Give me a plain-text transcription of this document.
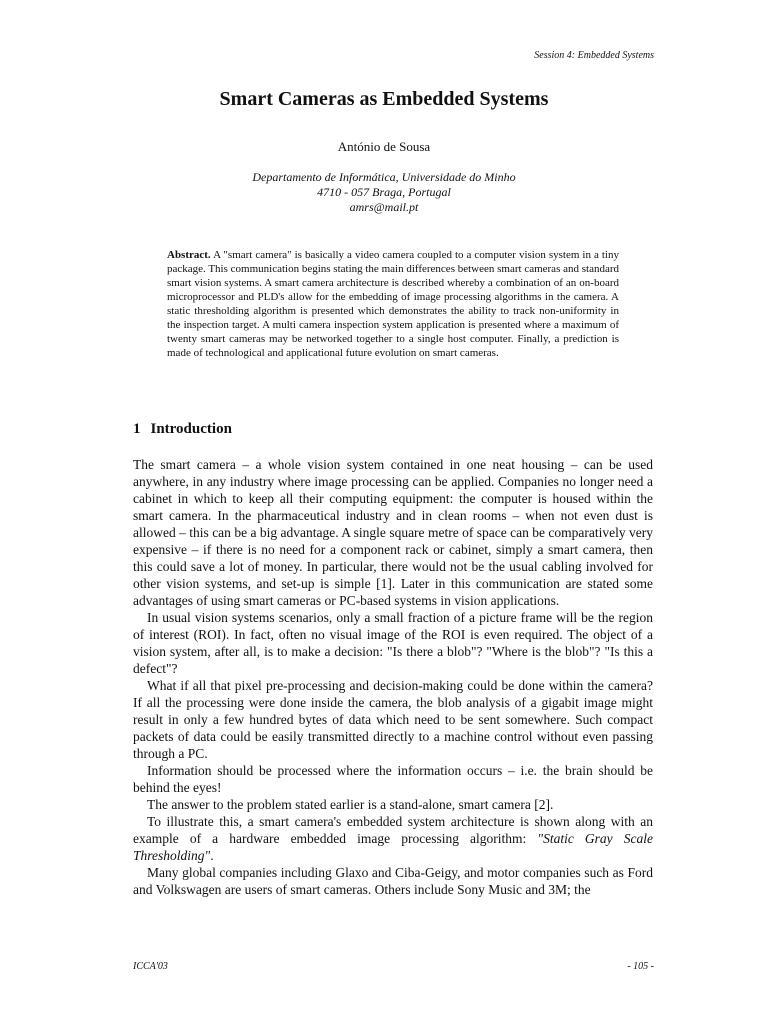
Session 4: Embedded Systems
Smart Cameras as Embedded Systems
António de Sousa
Departamento de Informática, Universidade do Minho
4710 - 057 Braga, Portugal
amrs@mail.pt
Abstract. A "smart camera" is basically a video camera coupled to a computer vision system in a tiny package. This communication begins stating the main differences between smart cameras and standard smart vision systems. A smart camera architecture is described whereby a combination of an on-board microprocessor and PLD's allow for the embedding of image processing algorithms in the camera. A static thresholding algorithm is presented which demonstrates the ability to track non-uniformity in the inspection target. A multi camera inspection system application is presented where a maximum of twenty smart cameras may be networked together to a single host computer. Finally, a prediction is made of technological and applicational future evolution on smart cameras.
1 Introduction

The smart camera – a whole vision system contained in one neat housing – can be used anywhere, in any industry where image processing can be applied. Companies no longer need a cabinet in which to keep all their computing equipment: the computer is housed within the smart camera. In the pharmaceutical industry and in clean rooms – when not even dust is allowed – this can be a big advantage. A single square metre of space can be comparatively very expensive – if there is no need for a component rack or cabinet, simply a smart camera, then this could save a lot of money. In particular, there would not be the usual cabling involved for other vision systems, and set-up is simple [1]. Later in this communication are stated some advantages of using smart cameras or PC-based systems in vision applications.

In usual vision systems scenarios, only a small fraction of a picture frame will be the region of interest (ROI). In fact, often no visual image of the ROI is even required. The object of a vision system, after all, is to make a decision: "Is there a blob"? "Where is the blob"? "Is this a defect"?

What if all that pixel pre-processing and decision-making could be done within the camera? If all the processing were done inside the camera, the blob analysis of a gigabit image might result in only a few hundred bytes of data which need to be sent somewhere. Such compact packets of data could be easily transmitted directly to a machine control without even passing through a PC.

Information should be processed where the information occurs – i.e. the brain should be behind the eyes!

The answer to the problem stated earlier is a stand-alone, smart camera [2].

To illustrate this, a smart camera's embedded system architecture is shown along with an example of a hardware embedded image processing algorithm: "Static Gray Scale Thresholding".

Many global companies including Glaxo and Ciba-Geigy, and motor companies such as Ford and Volkswagen are users of smart cameras. Others include Sony Music and 3M; the

ICCA'03	- 105 -
